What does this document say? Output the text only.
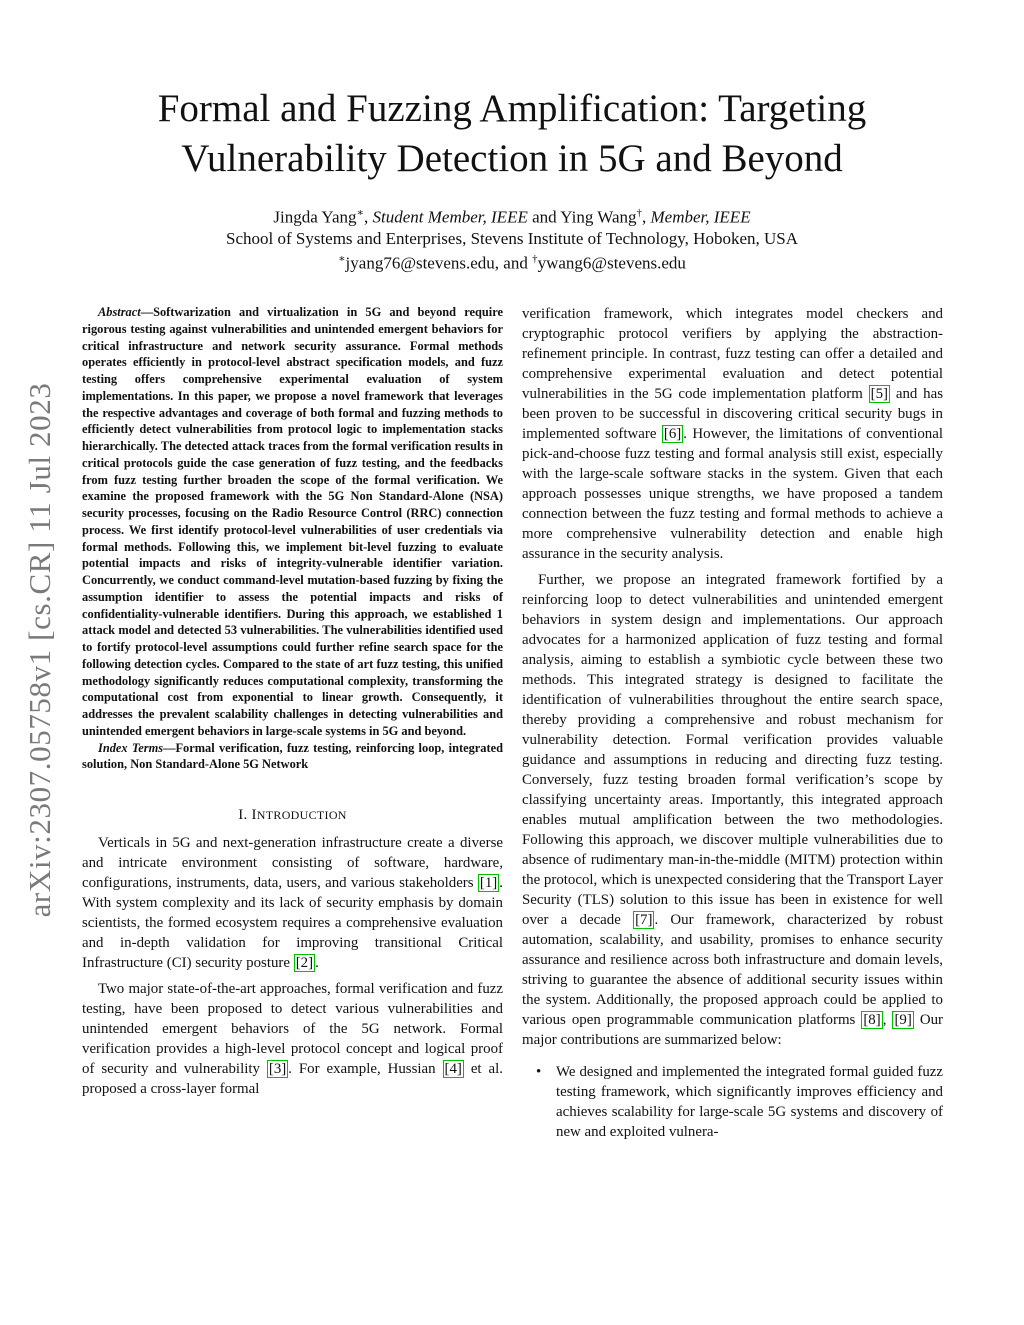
arXiv:2307.05758v1 [cs.CR] 11 Jul 2023
Formal and Fuzzing Amplification: Targeting
Vulnerability Detection in 5G and Beyond
Jingda Yang∗, Student Member, IEEE and Ying Wang†, Member, IEEE
School of Systems and Enterprises, Stevens Institute of Technology, Hoboken, USA
∗jyang76@stevens.edu, and †ywang6@stevens.edu

Abstract—Softwarization and virtualization in 5G and beyond require rigorous testing against vulnerabilities and unintended emergent behaviors for critical infrastructure and network security assurance. Formal methods operates efficiently in protocol-level abstract specification models, and fuzz testing offers comprehensive experimental evaluation of system implementations. In this paper, we propose a novel framework that leverages the respective advantages and coverage of both formal and fuzzing methods to efficiently detect vulnerabilities from protocol logic to implementation stacks hierarchically. The detected attack traces from the formal verification results in critical protocols guide the case generation of fuzz testing, and the feedbacks from fuzz testing further broaden the scope of the formal verification. We examine the proposed framework with the 5G Non Standard-Alone (NSA) security processes, focusing on the Radio Resource Control (RRC) connection process. We first identify protocol-level vulnerabilities of user credentials via formal methods. Following this, we implement bit-level fuzzing to evaluate potential impacts and risks of integrity-vulnerable identifier variation. Concurrently, we conduct command-level mutation-based fuzzing by fixing the assumption identifier to assess the potential impacts and risks of confidentiality-vulnerable identifiers. During this approach, we established 1 attack model and detected 53 vulnerabilities. The vulnerabilities identified used to fortify protocol-level assumptions could further refine search space for the following detection cycles. Compared to the state of art fuzz testing, this unified methodology significantly reduces computational complexity, transforming the computational cost from exponential to linear growth. Consequently, it addresses the prevalent scalability challenges in detecting vulnerabilities and unintended emergent behaviors in large-scale systems in 5G and beyond.

Index Terms—Formal verification, fuzz testing, reinforcing loop, integrated solution, Non Standard-Alone 5G Network

I. INTRODUCTION

Verticals in 5G and next-generation infrastructure create a diverse and intricate environment consisting of software, hardware, configurations, instruments, data, users, and various stakeholders [1] . With system complexity and its lack of security emphasis by domain scientists, the formed ecosystem requires a comprehensive evaluation and in-depth validation for improving transitional Critical Infrastructure (CI) security posture [2] .

Two major state-of-the-art approaches, formal verification and fuzz testing, have been proposed to detect various vulnerabilities and unintended emergent behaviors of the 5G network. Formal verification provides a high-level protocol concept and logical proof of security and vulnerability [3] . For example, Hussian [4] et al. proposed a cross-layer formal

verification framework, which integrates model checkers and cryptographic protocol verifiers by applying the abstraction-refinement principle. In contrast, fuzz testing can offer a detailed and comprehensive experimental evaluation and detect potential vulnerabilities in the 5G code implementation platform [5] and has been proven to be successful in discovering critical security bugs in implemented software [6] . However, the limitations of conventional pick-and-choose fuzz testing and formal analysis still exist, especially with the large-scale software stacks in the system. Given that each approach possesses unique strengths, we have proposed a tandem connection between the fuzz testing and formal methods to achieve a more comprehensive vulnerability detection and enable high assurance in the security analysis.

Further, we propose an integrated framework fortified by a reinforcing loop to detect vulnerabilities and unintended emergent behaviors in system design and implementations. Our approach advocates for a harmonized application of fuzz testing and formal analysis, aiming to establish a symbiotic cycle between these two methods. This integrated strategy is designed to facilitate the identification of vulnerabilities throughout the entire search space, thereby providing a comprehensive and robust mechanism for vulnerability detection. Formal verification provides valuable guidance and assumptions in reducing and directing fuzz testing. Conversely, fuzz testing broaden formal verification’s scope by classifying uncertainty areas. Importantly, this integrated approach enables mutual amplification between the two methodologies. Following this approach, we discover multiple vulnerabilities due to absence of rudimentary man-in-the-middle (MITM) protection within the protocol, which is unexpected considering that the Transport Layer Security (TLS) solution to this issue has been in existence for well over a decade [7] . Our framework, characterized by robust automation, scalability, and usability, promises to enhance security assurance and resilience across both infrastructure and domain levels, striving to guarantee the absence of additional security issues within the system. Additionally, the proposed approach could be applied to various open programmable communication platforms [8] , [9] Our major contributions are summarized below:

• We designed and implemented the integrated formal guided fuzz testing framework, which significantly improves efficiency and achieves scalability for large-scale 5G systems and discovery of new and exploited vulnera-
